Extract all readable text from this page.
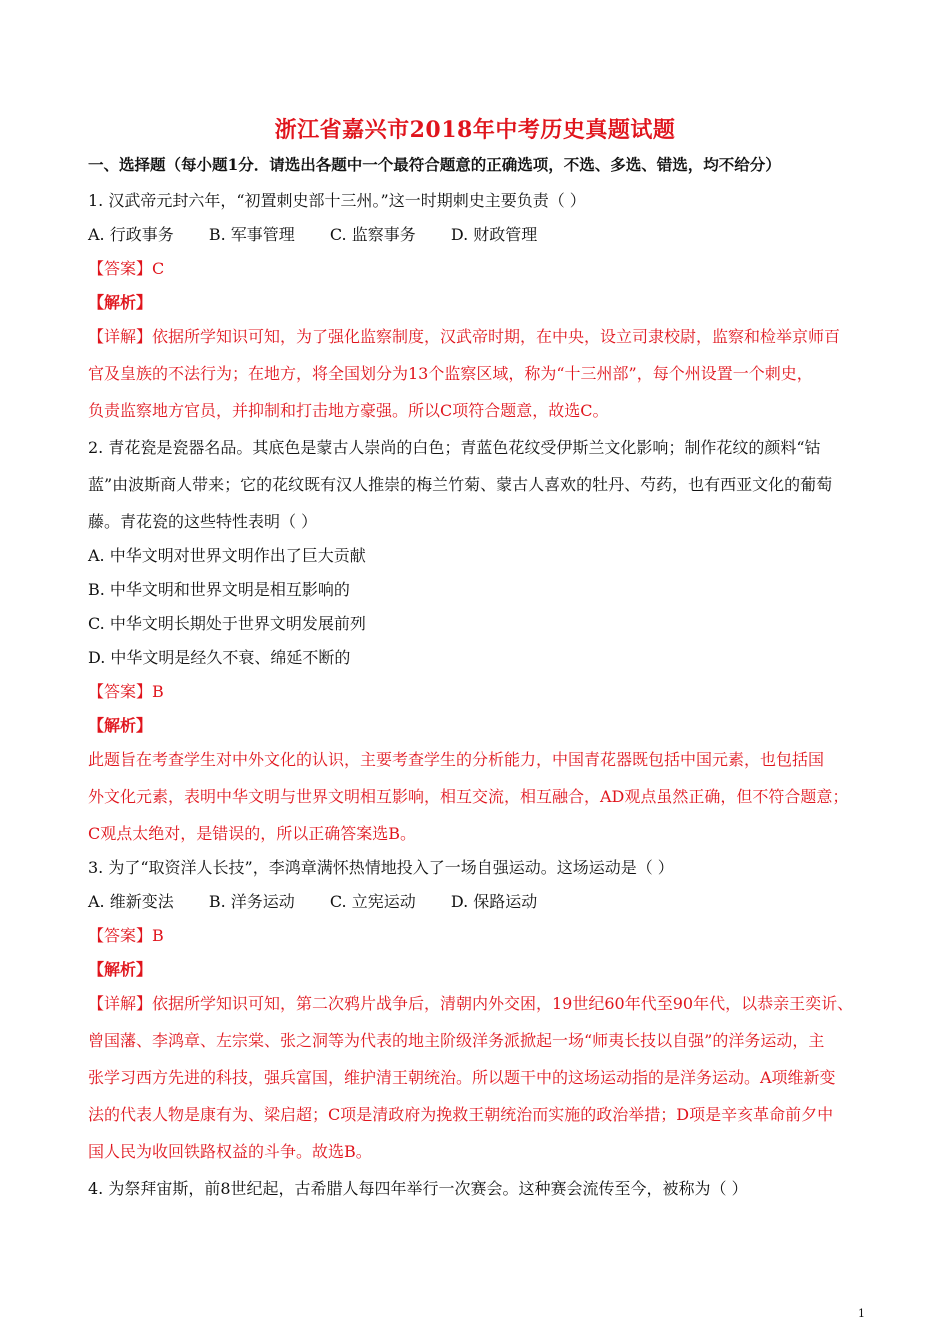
浙江省嘉兴市2018年中考历史真题试题
一、选择题（每小题1分．请选出各题中一个最符合题意的正确选项，不选、多选、错选，均不给分）
1. 汉武帝元封六年，“初置刺史部十三州。”这一时期刺史主要负责（ ）
A. 行政事务 B. 军事管理 C. 监察事务 D. 财政管理
【答案】C
【解析】
【详解】依据所学知识可知，为了强化监察制度，汉武帝时期，在中央，设立司隶校尉，监察和检举京师百
官及皇族的不法行为；在地方，将全国划分为13个监察区域，称为“十三州部”，每个州设置一个刺史，
负责监察地方官员，并抑制和打击地方豪强。所以C项符合题意，故选C。
2. 青花瓷是瓷器名品。其底色是蒙古人崇尚的白色；青蓝色花纹受伊斯兰文化影响；制作花纹的颜料“钴
蓝”由波斯商人带来；它的花纹既有汉人推崇的梅兰竹菊、蒙古人喜欢的牡丹、芍药，也有西亚文化的葡萄
藤。青花瓷的这些特性表明（ ）
A. 中华文明对世界文明作出了巨大贡献
B. 中华文明和世界文明是相互影响的
C. 中华文明长期处于世界文明发展前列
D. 中华文明是经久不衰、绵延不断的
【答案】B
【解析】
此题旨在考查学生对中外文化的认识，主要考查学生的分析能力，中国青花器既包括中国元素，也包括国
外文化元素，表明中华文明与世界文明相互影响，相互交流，相互融合，AD观点虽然正确，但不符合题意；
C观点太绝对，是错误的，所以正确答案选B。
3. 为了“取资洋人长技”，李鸿章满怀热情地投入了一场自强运动。这场运动是（ ）
A. 维新变法 B. 洋务运动 C. 立宪运动 D. 保路运动
【答案】B
【解析】
【详解】依据所学知识可知，第二次鸦片战争后，清朝内外交困，19世纪60年代至90年代，以恭亲王奕䜣、
曾国藩、李鸿章、左宗棠、张之洞等为代表的地主阶级洋务派掀起一场“师夷长技以自强”的洋务运动，主
张学习西方先进的科技，强兵富国，维护清王朝统治。所以题干中的这场运动指的是洋务运动。A项维新变
法的代表人物是康有为、梁启超；C项是清政府为挽救王朝统治而实施的政治举措；D项是辛亥革命前夕中
国人民为收回铁路权益的斗争。故选B。
4. 为祭拜宙斯，前8世纪起，古希腊人每四年举行一次赛会。这种赛会流传至今，被称为（ ）
1
